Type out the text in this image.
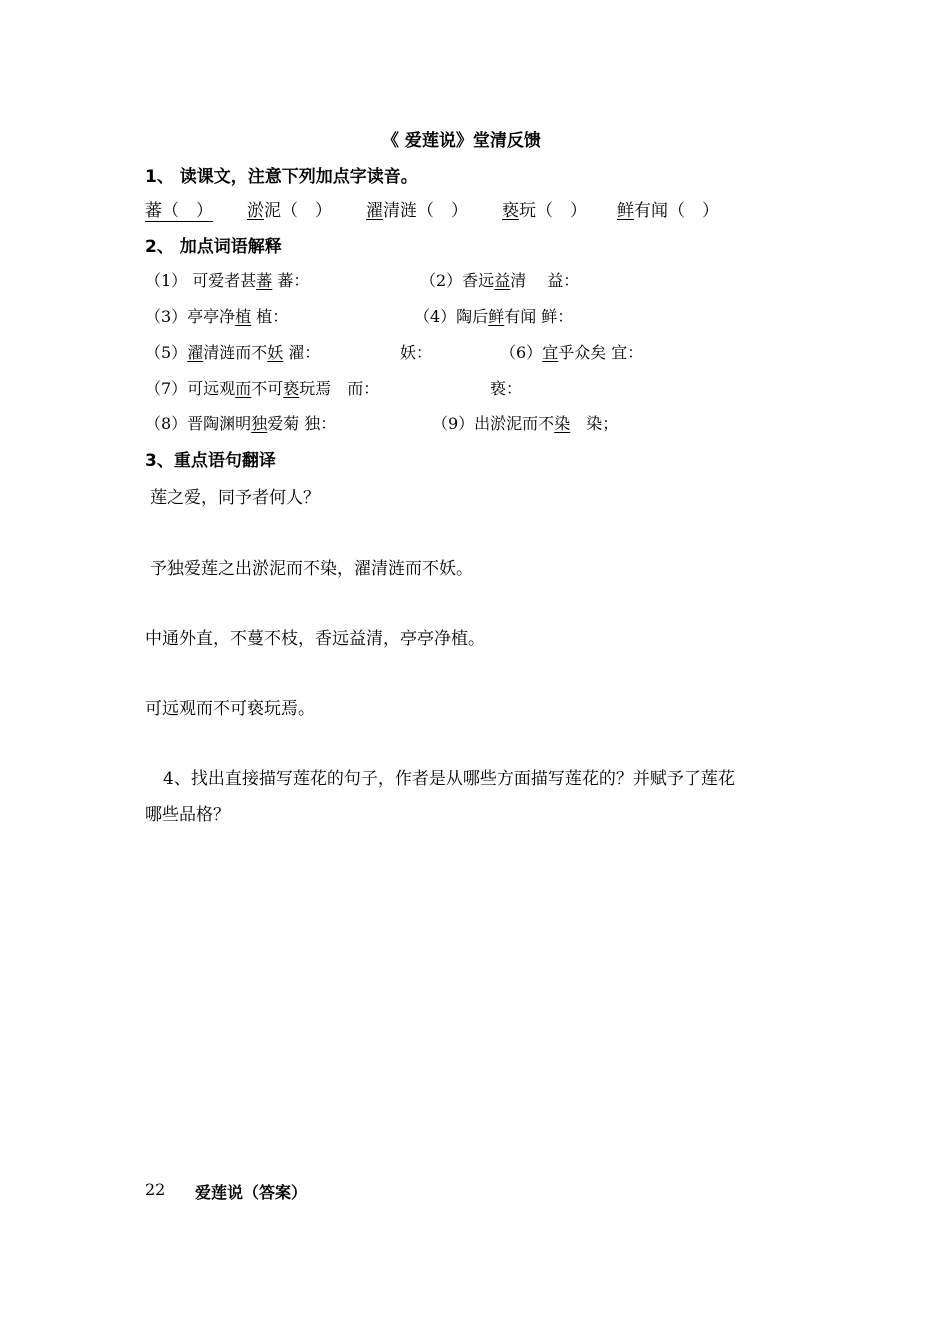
《 爱莲说》堂清反馈
1、 读课文，注意下列加点字读音。
蕃（　） 淤泥（　） 濯清涟（　） 亵玩（　） 鲜有闻（　）
2、 加点词语解释
（1） 可爱者甚蕃 蕃：	（2）香远益清　 益：
（3）亭亭净植 植：	（4）陶后鲜有闻 鲜：
（5）濯清涟而不妖 濯：	妖：	（6）宜乎众矣 宜：
（7）可远观而不可亵玩焉　而：	亵：
（8）晋陶渊明独爱菊 独：	（9）出淤泥而不染　染；
3、重点语句翻译
莲之爱，同予者何人？
予独爱莲之出淤泥而不染，濯清涟而不妖。
中通外直，不蔓不枝，香远益清，亭亭净植。
可远观而不可亵玩焉。
4、找出直接描写莲花的句子，作者是从哪些方面描写莲花的？并赋予了莲花
哪些品格？
22 爱莲说（答案）
